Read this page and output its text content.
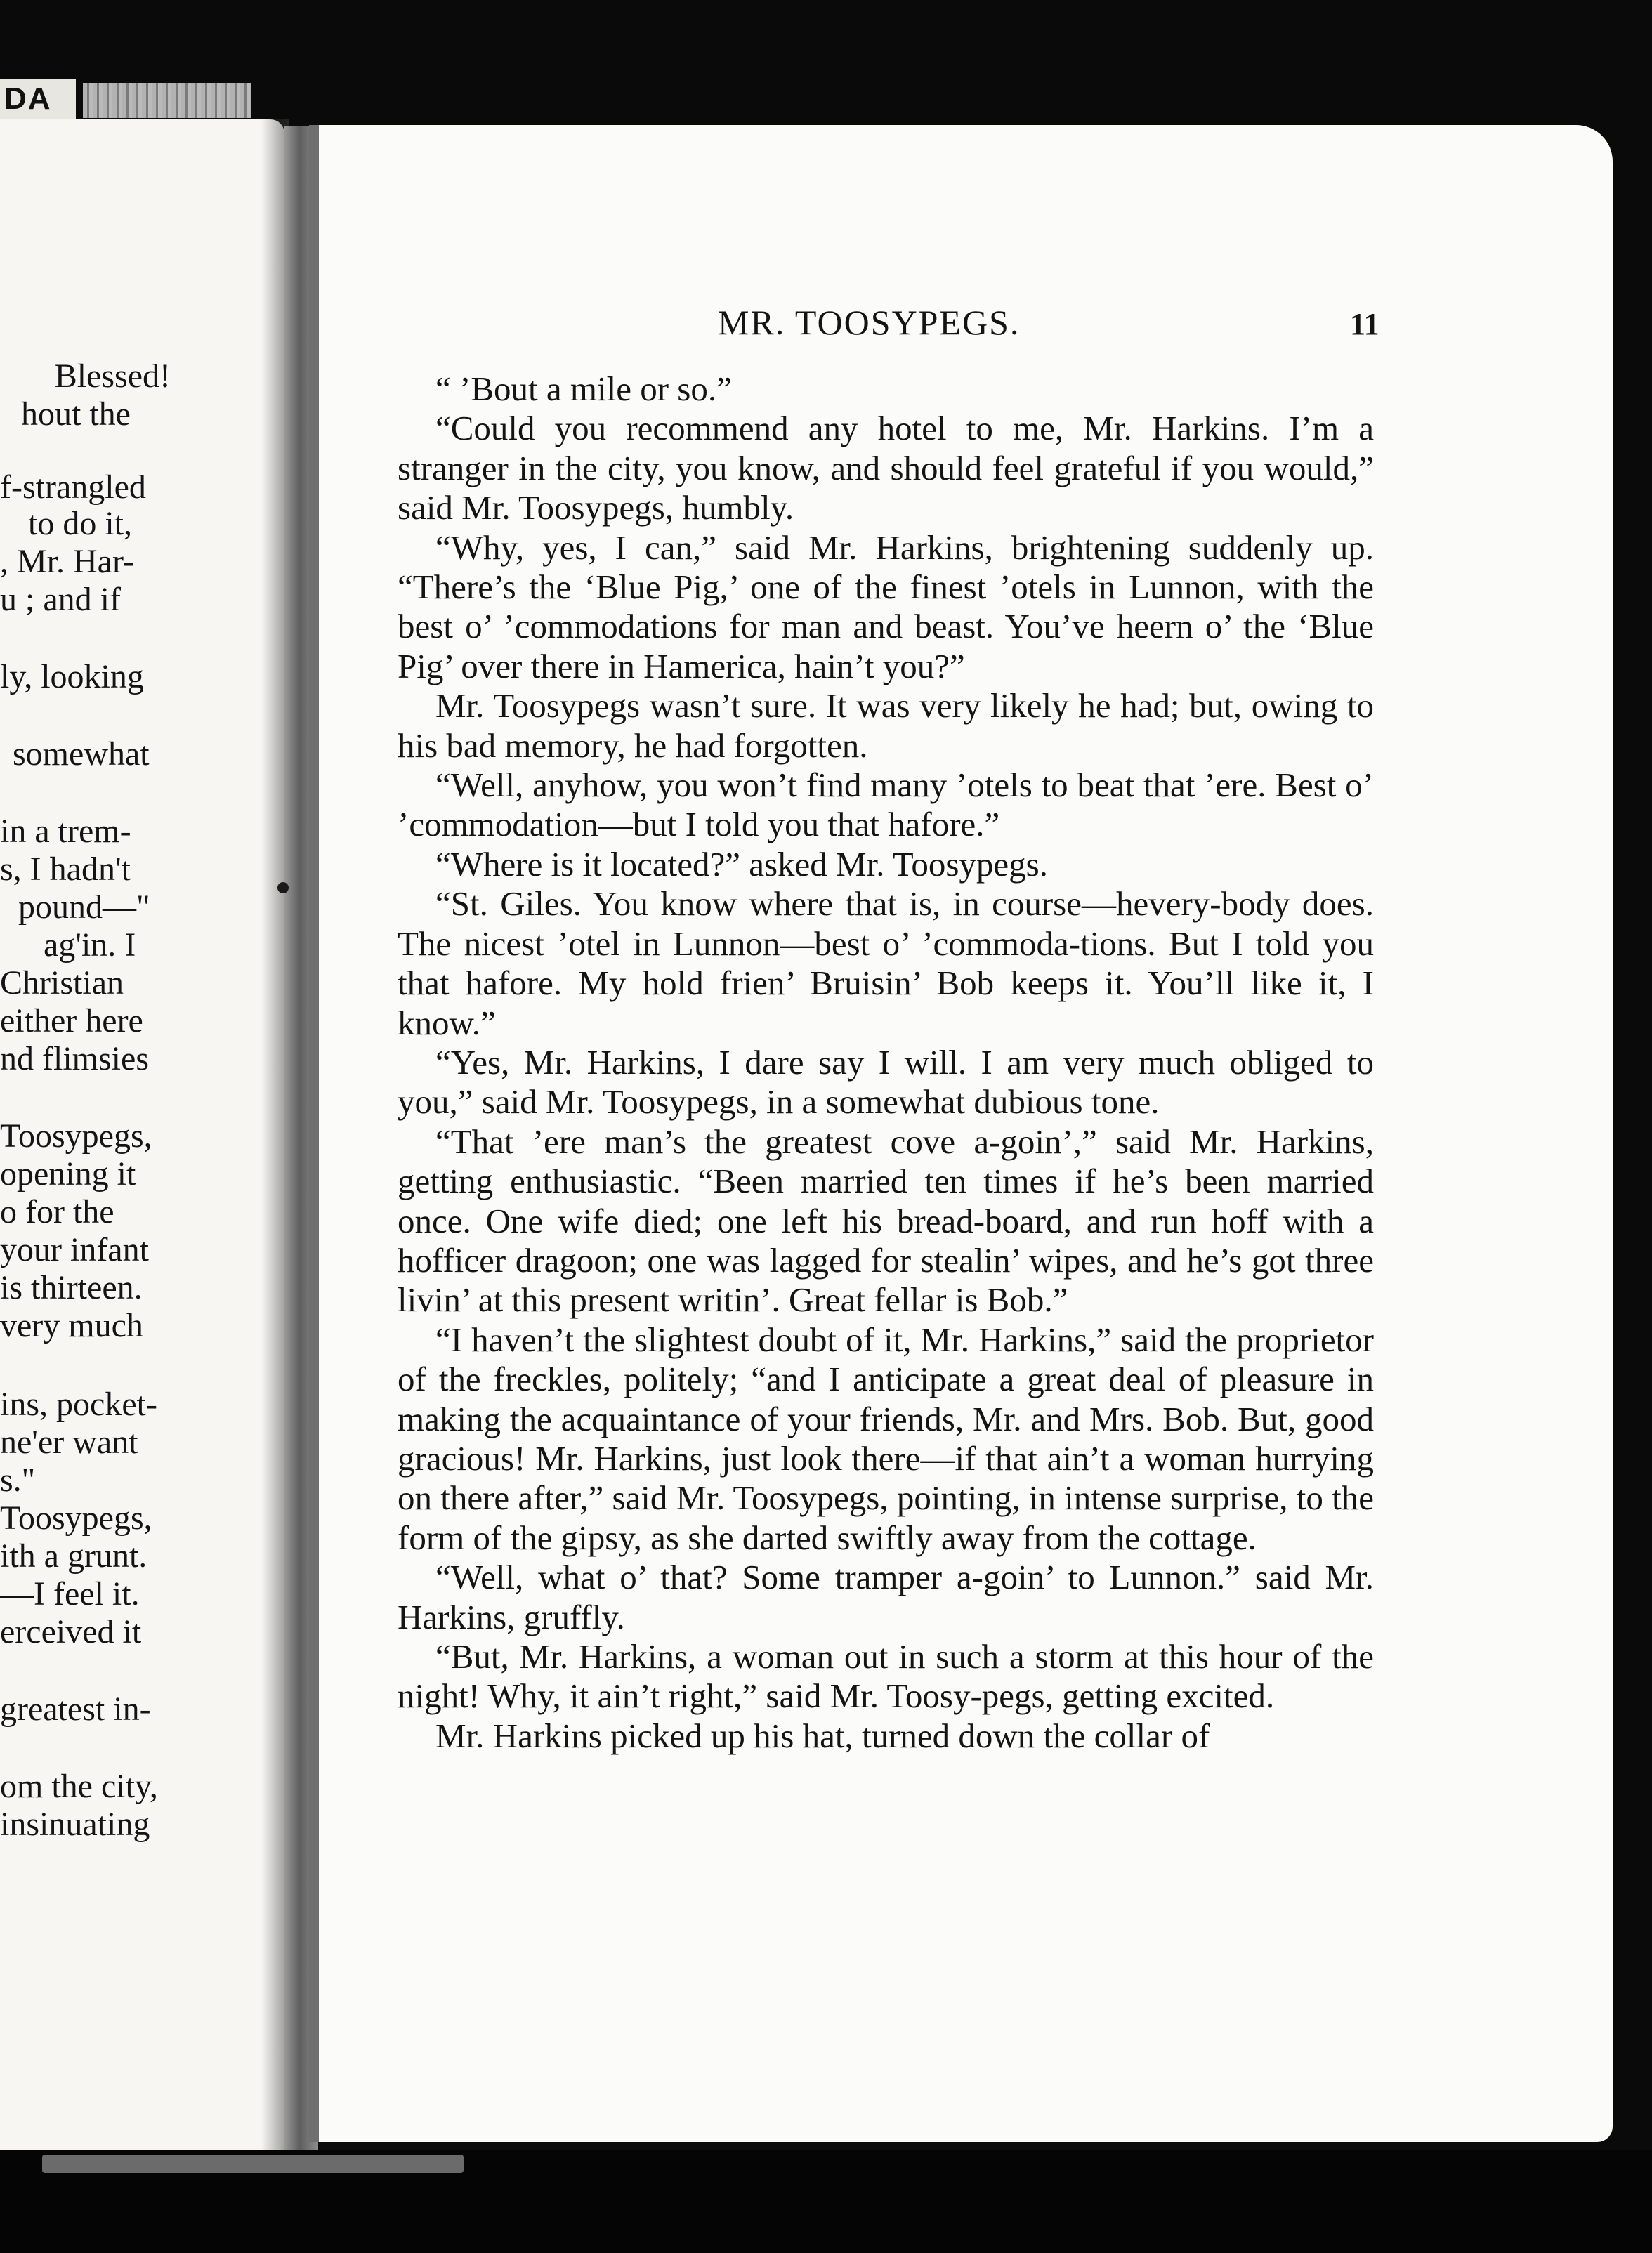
DA
Blessed!
hout the
f-strangled
to do it,
, Mr. Har-
u ; and if
ly, looking
somewhat
in a trem-
s, I hadn't
pound—"
ag'in. I
Christian
either here
nd flimsies
Toosypegs,
opening it
o for the
your infant
is thirteen.
very much
ins, pocket-
ne'er want
s."
Toosypegs,
ith a grunt.
—I feel it.
erceived it
greatest in-
om the city,
insinuating
MR. TOOSYPEGS.	11

“ ’Bout a mile or so.”

“Could you recommend any hotel to me, Mr. Harkins. I’m a stranger in the city, you know, and should feel grateful if you would,” said Mr. Toosypegs, humbly.

“Why, yes, I can,” said Mr. Harkins, brightening suddenly up. “There’s the ‘Blue Pig,’ one of the finest ’otels in Lunnon, with the best o’ ’commodations for man and beast. You’ve heern o’ the ‘Blue Pig’ over there in Hamerica, hain’t you?”

Mr. Toosypegs wasn’t sure. It was very likely he had; but, owing to his bad memory, he had forgotten.

“Well, anyhow, you won’t find many ’otels to beat that ’ere. Best o’ ’commodation—but I told you that hafore.”

“Where is it located?” asked Mr. Toosypegs.

“St. Giles. You know where that is, in course—hevery-body does. The nicest ’otel in Lunnon—best o’ ’commoda-tions. But I told you that hafore. My hold frien’ Bruisin’ Bob keeps it. You’ll like it, I know.”

“Yes, Mr. Harkins, I dare say I will. I am very much obliged to you,” said Mr. Toosypegs, in a somewhat dubious tone.

“That ’ere man’s the greatest cove a-goin’,” said Mr. Harkins, getting enthusiastic. “Been married ten times if he’s been married once. One wife died; one left his bread-board, and run hoff with a hofficer dragoon; one was lagged for stealin’ wipes, and he’s got three livin’ at this present writin’. Great fellar is Bob.”

“I haven’t the slightest doubt of it, Mr. Harkins,” said the proprietor of the freckles, politely; “and I anticipate a great deal of pleasure in making the acquaintance of your friends, Mr. and Mrs. Bob. But, good gracious! Mr. Harkins, just look there—if that ain’t a woman hurrying on there after,” said Mr. Toosypegs, pointing, in intense surprise, to the form of the gipsy, as she darted swiftly away from the cottage.

“Well, what o’ that? Some tramper a-goin’ to Lunnon.” said Mr. Harkins, gruffly.

“But, Mr. Harkins, a woman out in such a storm at this hour of the night! Why, it ain’t right,” said Mr. Toosy-pegs, getting excited.

Mr. Harkins picked up his hat, turned down the collar of
